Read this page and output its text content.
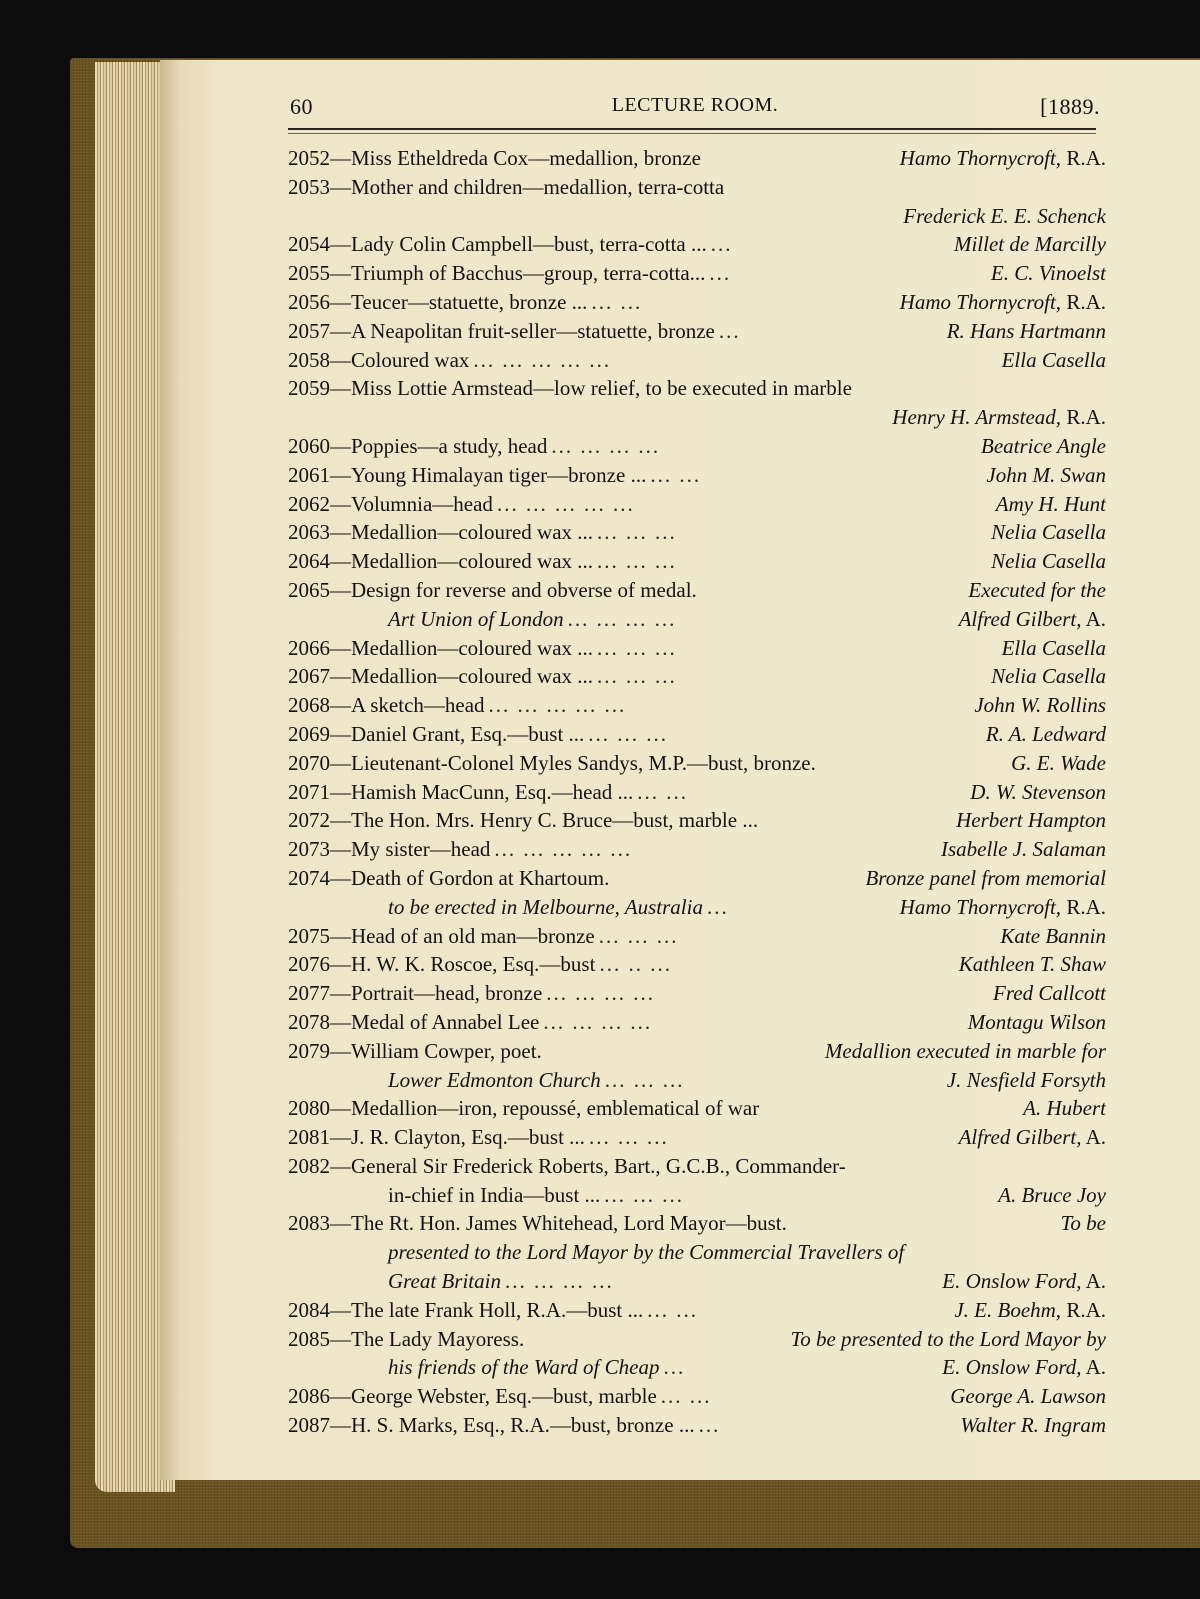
60	LECTURE ROOM.	[1889.
2052—Miss Etheldreda Cox—medallion, bronze	Hamo Thornycroft, R.A.
2053—Mother and children—medallion, terra-cotta
Frederick E. E. Schenck
2054—Lady Colin Campbell—bust, terra-cotta ... ...	Millet de Marcilly
2055—Triumph of Bacchus—group, terra-cotta... ...	E. C. Vinoelst
2056—Teucer—statuette, bronze ... ... ...	Hamo Thornycroft, R.A.
2057—A Neapolitan fruit-seller—statuette, bronze ...	R. Hans Hartmann
2058—Coloured wax ... ... ... ... ...	Ella Casella
2059—Miss Lottie Armstead—low relief, to be executed in marble
Henry H. Armstead, R.A.
2060—Poppies—a study, head ... ... ... ...	Beatrice Angle
2061—Young Himalayan tiger—bronze ... ... ...	John M. Swan
2062—Volumnia—head ... ... ... ... ...	Amy H. Hunt
2063—Medallion—coloured wax ... ... ... ...	Nelia Casella
2064—Medallion—coloured wax ... ... ... ...	Nelia Casella
2065—Design for reverse and obverse of medal.	Executed for the
Art Union of London ... ... ... ...	Alfred Gilbert, A.
2066—Medallion—coloured wax ... ... ... ...	Ella Casella
2067—Medallion—coloured wax ... ... ... ...	Nelia Casella
2068—A sketch—head ... ... ... ... ...	John W. Rollins
2069—Daniel Grant, Esq.—bust ... ... ... ...	R. A. Ledward
2070—Lieutenant-Colonel Myles Sandys, M.P.—bust, bronze.	G. E. Wade
2071—Hamish MacCunn, Esq.—head ... ... ...	D. W. Stevenson
2072—The Hon. Mrs. Henry C. Bruce—bust, marble ...	Herbert Hampton
2073—My sister—head ... ... ... ... ...	Isabelle J. Salaman
2074—Death of Gordon at Khartoum.	Bronze panel from memorial
to be erected in Melbourne, Australia ...	Hamo Thornycroft, R.A.
2075—Head of an old man—bronze ... ... ...	Kate Bannin
2076—H. W. K. Roscoe, Esq.—bust ... .. ...	Kathleen T. Shaw
2077—Portrait—head, bronze ... ... ... ...	Fred Callcott
2078—Medal of Annabel Lee ... ... ... ...	Montagu Wilson
2079—William Cowper, poet.	Medallion executed in marble for
Lower Edmonton Church ... ... ...	J. Nesfield Forsyth
2080—Medallion—iron, repoussé, emblematical of war	A. Hubert
2081—J. R. Clayton, Esq.—bust ... ... ... ...	Alfred Gilbert, A.
2082—General Sir Frederick Roberts, Bart., G.C.B., Commander-
in-chief in India—bust ... ... ... ...	A. Bruce Joy
2083—The Rt. Hon. James Whitehead, Lord Mayor—bust.	To be
presented to the Lord Mayor by the Commercial Travellers of
Great Britain ... ... ... ...	E. Onslow Ford, A.
2084—The late Frank Holl, R.A.—bust ... ... ...	J. E. Boehm, R.A.
2085—The Lady Mayoress.	To be presented to the Lord Mayor by
his friends of the Ward of Cheap ...	E. Onslow Ford, A.
2086—George Webster, Esq.—bust, marble ... ...	George A. Lawson
2087—H. S. Marks, Esq., R.A.—bust, bronze ... ...	Walter R. Ingram
